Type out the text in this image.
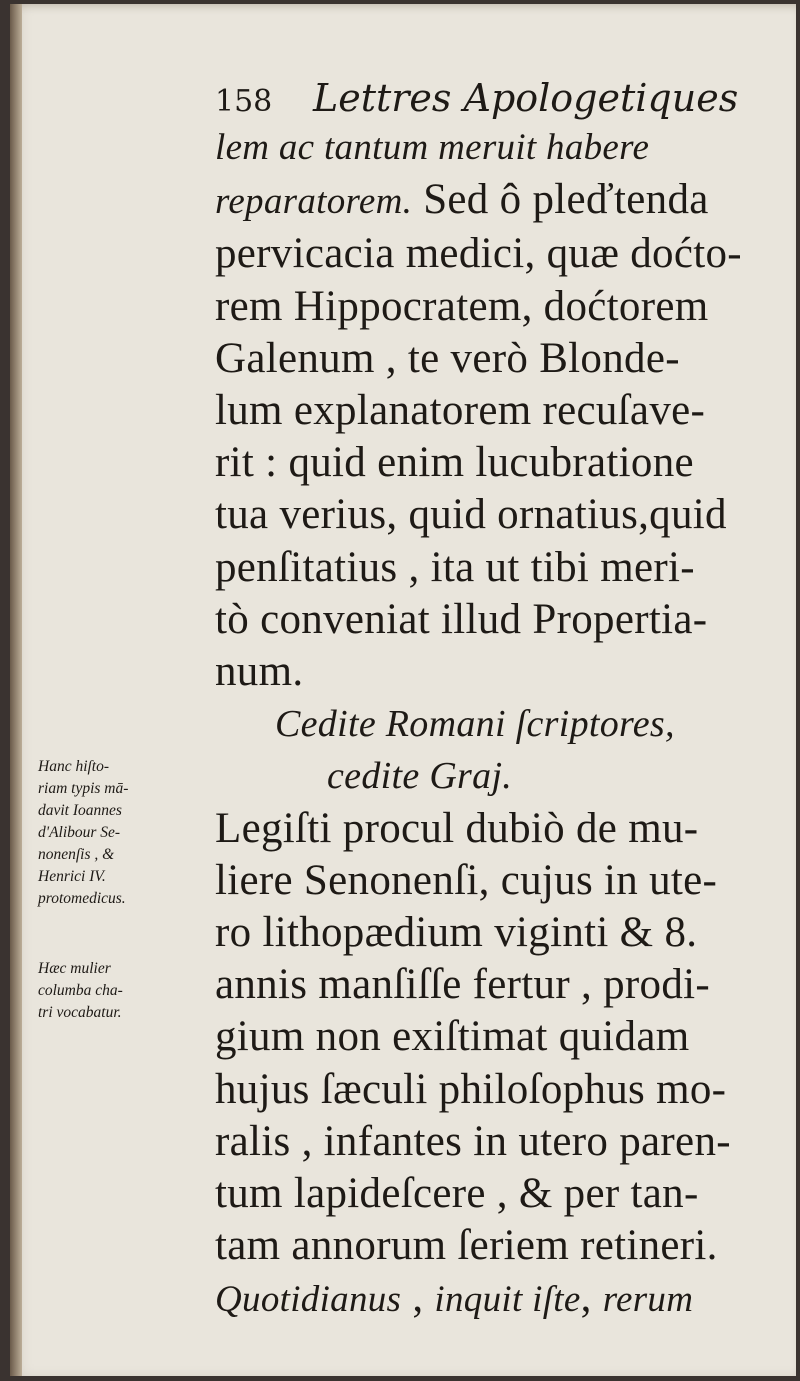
158 Lettres Apologetiques
Hanc hiſto-
riam typis mā-
davit Ioannes
d'Alibour Se-
nonenſis , &
Henrici IV.
protomedicus.
Hæc mulier
columba cha-
tri vocabatur.
lem ac tantum meruit habere
reparatorem. Sed ô pleďtenda
pervicacia medici, quæ doćto-
rem Hippocratem, doćtorem
Galenum , te verò Blonde-
lum explanatorem recuſave-
rit : quid enim lucubratione
tua verius, quid ornatius,quid
penſitatius , ita ut tibi meri-
tò conveniat illud Propertia-
num.
Cedite Romani ſcriptores,
cedite Graj.
Legiſti procul dubiò de mu-
liere Senonenſi, cujus in ute-
ro lithopædium viginti & 8.
annis manſiſſe fertur , prodi-
gium non exiſtimat quidam
hujus ſæculi philoſophus mo-
ralis , infantes in utero paren-
tum lapideſcere , & per tan-
tam annorum ſeriem retineri.
Quotidianus , inquit iſte, rerum
